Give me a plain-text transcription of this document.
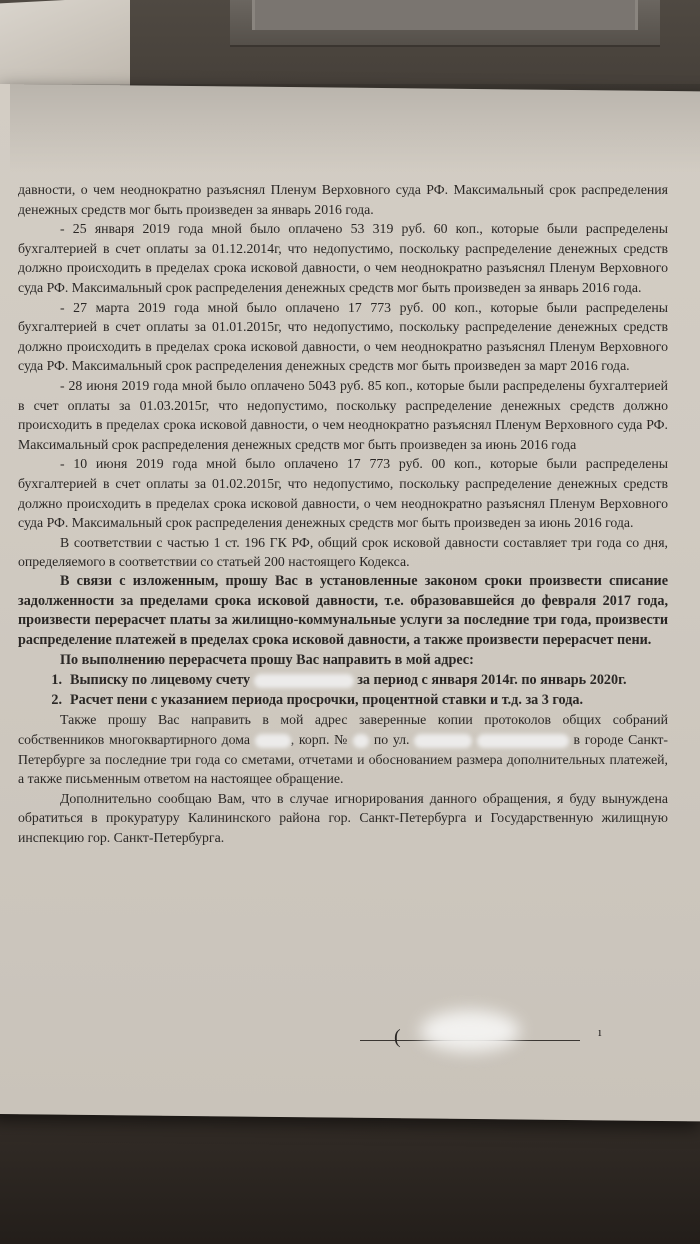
давности, о чем неоднократно разъяснял Пленум Верховного суда РФ. Максимальный срок распределения денежных средств мог быть произведен за январь 2016 года.

- 25 января 2019 года мной было оплачено 53 319 руб. 60 коп., которые были распределены бухгалтерией в счет оплаты за 01.12.2014г, что недопустимо, поскольку распределение денежных средств должно происходить в пределах срока исковой давности, о чем неоднократно разъяснял Пленум Верховного суда РФ. Максимальный срок распределения денежных средств мог быть произведен за январь 2016 года.

- 27 марта 2019 года мной было оплачено 17 773 руб. 00 коп., которые были распределены бухгалтерией в счет оплаты за 01.01.2015г, что недопустимо, поскольку распределение денежных средств должно происходить в пределах срока исковой давности, о чем неоднократно разъяснял Пленум Верховного суда РФ. Максимальный срок распределения денежных средств мог быть произведен за март 2016 года.

- 28 июня 2019 года мной было оплачено 5043 руб. 85 коп., которые были распределены бухгалтерией в счет оплаты за 01.03.2015г, что недопустимо, поскольку распределение денежных средств должно происходить в пределах срока исковой давности, о чем неоднократно разъяснял Пленум Верховного суда РФ. Максимальный срок распределения денежных средств мог быть произведен за июнь 2016 года

- 10 июня 2019 года мной было оплачено 17 773 руб. 00 коп., которые были распределены бухгалтерией в счет оплаты за 01.02.2015г, что недопустимо, поскольку распределение денежных средств должно происходить в пределах срока исковой давности, о чем неоднократно разъяснял Пленум Верховного суда РФ. Максимальный срок распределения денежных средств мог быть произведен за июнь 2016 года.

В соответствии с частью 1 ст. 196 ГК РФ, общий срок исковой давности составляет три года со дня, определяемого в соответствии со статьей 200 настоящего Кодекса.

В связи с изложенным, прошу Вас в установленные законом сроки произвести списание задолженности за пределами срока исковой давности, т.е. образовавшейся до февраля 2017 года, произвести перерасчет платы за жилищно-коммунальные услуги за последние три года, произвести распределение платежей в пределах срока исковой давности, а также произвести перерасчет пени.

По выполнению перерасчета прошу Вас направить в мой адрес:

1. Выписку по лицевому счету	за период с января 2014г. по январь 2020г.
2. Расчет пени с указанием периода просрочки, процентной ставки и т.д. за 3 года.

Также прошу Вас направить в мой адрес заверенные копии протоколов общих собраний собственников многоквартирного дома	, корп. № по ул.	в городе Санкт-Петербурге за последние три года со сметами, отчетами и обоснованием размера дополнительных платежей, а также письменным ответом на настоящее обращение.

Дополнительно сообщаю Вам, что в случае игнорирования данного обращения, я буду вынуждена обратиться в прокуратуру Калининского района гор. Санкт-Петербурга и Государственную жилищную инспекцию гор. Санкт-Петербурга.

(	ı
